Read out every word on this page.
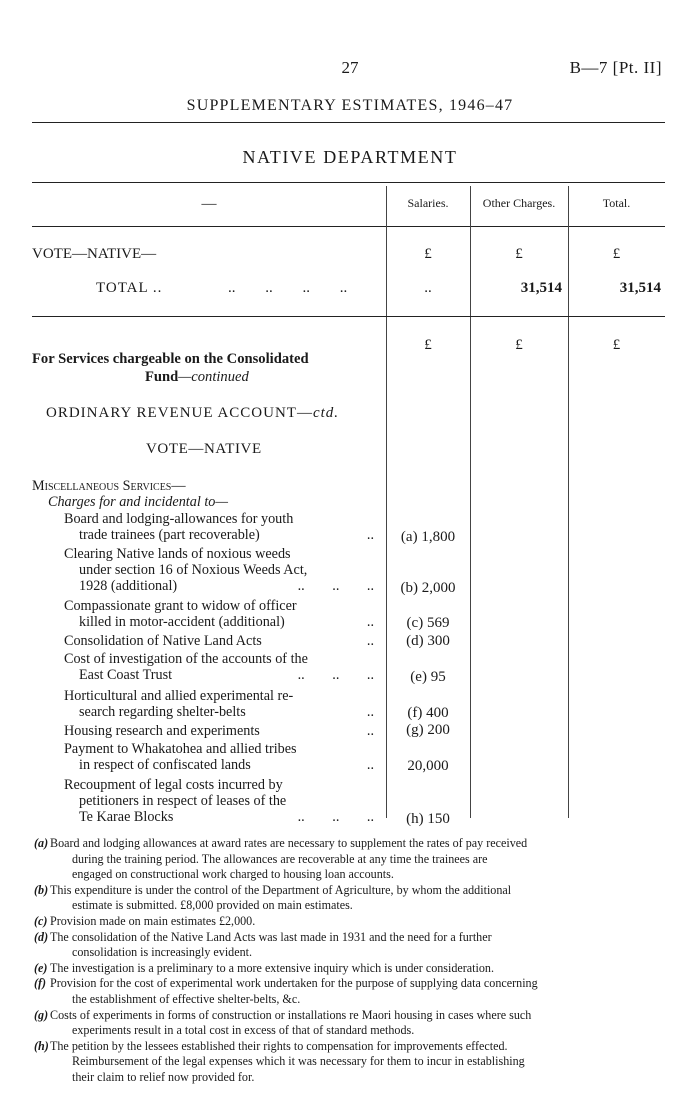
27	B—7 [Pt. II]
SUPPLEMENTARY ESTIMATES, 1946–47
NATIVE DEPARTMENT
—	Salaries.	Other Charges.	Total.
VOTE—NATIVE—	£	£	£
TOTAL ..	.. .. .. ..	..	31,514	31,514
£	£	£
For Services chargeable on the Consolidated
Fund—continued
ORDINARY REVENUE ACCOUNT—ctd.
VOTE—NATIVE
Miscellaneous Services—
Charges for and incidental to—
Board and lodging-allowances for youth
trade trainees (part recoverable)	..	(a) 1,800
Clearing Native lands of noxious weeds
under section 16 of Noxious Weeds Act,
1928 (additional)	.. .. ..	(b) 2,000
Compassionate grant to widow of officer
killed in motor-accident (additional)	..	(c) 569
Consolidation of Native Land Acts	..	(d) 300
Cost of investigation of the accounts of the
East Coast Trust	.. .. ..	(e) 95
Horticultural and allied experimental re-
search regarding shelter-belts	..	(f) 400
Housing research and experiments	..	(g) 200
Payment to Whakatohea and allied tribes
in respect of confiscated lands	..	20,000
Recoupment of legal costs incurred by
petitioners in respect of leases of the
Te Karae Blocks	.. .. ..	(h) 150
(a) Board and lodging allowances at award rates are necessary to supplement the rates of pay received
during the training period. The allowances are recoverable at any time the trainees are
engaged on constructional work charged to housing loan accounts.
(b) This expenditure is under the control of the Department of Agriculture, by whom the additional
estimate is submitted. £8,000 provided on main estimates.
(c) Provision made on main estimates £2,000.
(d) The consolidation of the Native Land Acts was last made in 1931 and the need for a further
consolidation is increasingly evident.
(e) The investigation is a preliminary to a more extensive inquiry which is under consideration.
(f) Provision for the cost of experimental work undertaken for the purpose of supplying data concerning
the establishment of effective shelter-belts, &c.
(g) Costs of experiments in forms of construction or installations re Maori housing in cases where such
experiments result in a total cost in excess of that of standard methods.
(h) The petition by the lessees established their rights to compensation for improvements effected.
Reimbursement of the legal expenses which it was necessary for them to incur in establishing
their claim to relief now provided for.
